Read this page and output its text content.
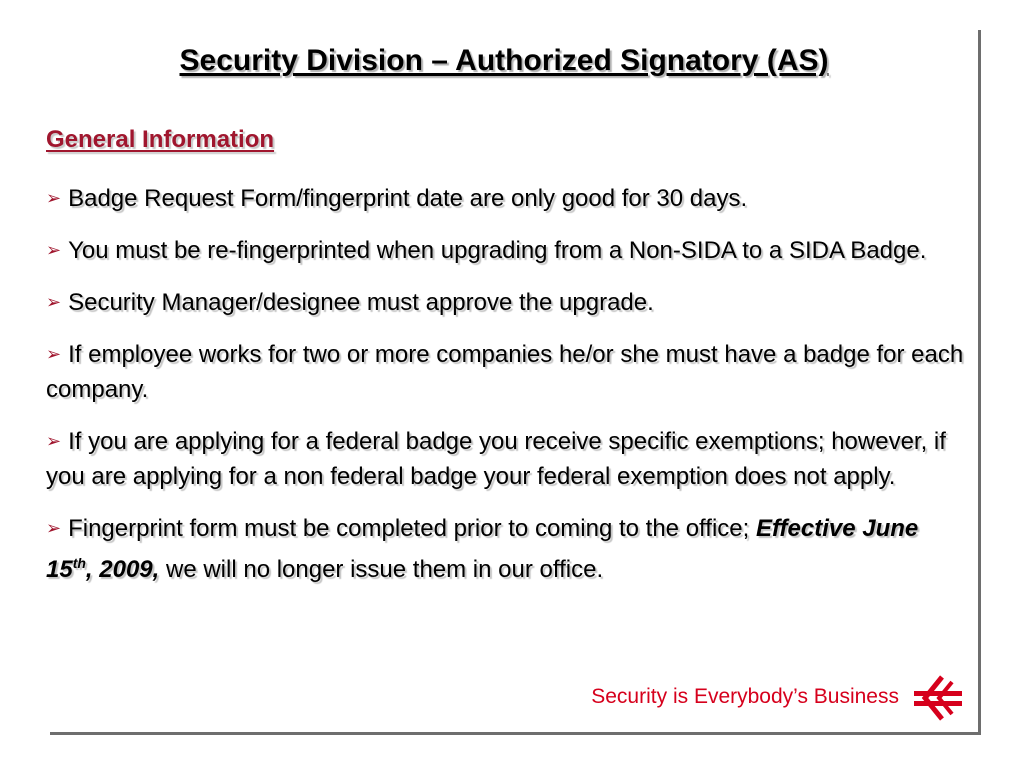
Security Division – Authorized Signatory (AS)
General Information
➢ Badge Request Form/fingerprint date are only good for 30 days.
➢ You must be re-fingerprinted when upgrading from a Non-SIDA to a SIDA Badge.
➢ Security Manager/designee must approve the upgrade.
➢ If employee works for two or more companies he/or she must have a badge for each company.
➢ If you are applying for a federal badge you receive specific exemptions; however, if you are applying for a non federal badge your federal exemption does not apply.
➢ Fingerprint form must be completed prior to coming to the office; Effective June 15th, 2009, we will no longer issue them in our office.
Security is Everybody’s Business
